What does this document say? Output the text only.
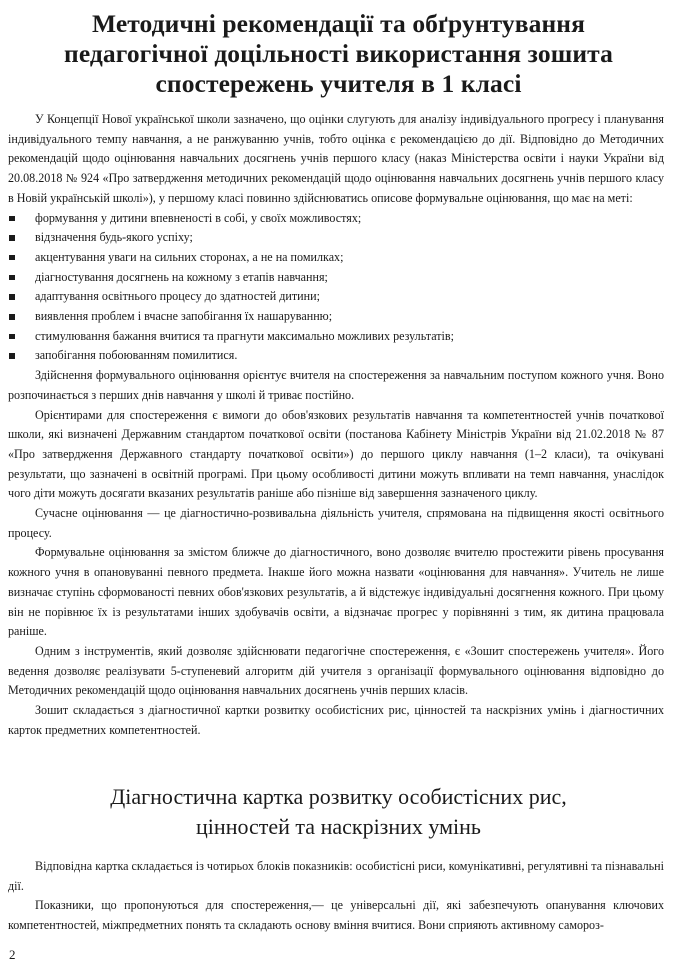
Методичні рекомендації та обґрунтування
педагогічної доцільності використання зошита
спостережень учителя в 1 класі

У Концепції Нової української школи зазначено, що оцінки слугують для аналізу індивідуального прогресу і планування індивідуального темпу навчання, а не ранжуванню учнів, тобто оцінка є рекомендацією до дії. Відповідно до Методичних рекомендацій щодо оцінювання навчальних досягнень учнів першого класу (наказ Міністерства освіти і науки України від 20.08.2018 № 924 «Про затвердження методичних рекомендацій щодо оцінювання навчальних досягнень учнів першого класу в Новій українській школі»), у першому класі повинно здійснюватись описове формувальне оцінювання, що має на меті:

формування у дитини впевненості в собі, у своїх можливостях;
відзначення будь-якого успіху;
акцентування уваги на сильних сторонах, а не на помилках;
діагностування досягнень на кожному з етапів навчання;
адаптування освітнього процесу до здатностей дитини;
виявлення проблем і вчасне запобігання їх нашаруванню;
стимулювання бажання вчитися та прагнути максимально можливих результатів;
запобігання побоюванням помилитися.

Здійснення формувального оцінювання орієнтує вчителя на спостереження за навчальним поступом кожного учня. Воно розпочинається з перших днів навчання у школі й триває постійно.

Орієнтирами для спостереження є вимоги до обов'язкових результатів навчання та компетентностей учнів початкової школи, які визначені Державним стандартом початкової освіти (постанова Кабінету Міністрів України від 21.02.2018 № 87 «Про затвердження Державного стандарту початкової освіти») до першого циклу навчання (1–2 класи), та очікувані результати, що зазначені в освітній програмі. При цьому особливості дитини можуть впливати на темп навчання, унаслідок чого діти можуть досягати вказаних результатів раніше або пізніше від завершення зазначеного циклу.

Сучасне оцінювання — це діагностично-розвивальна діяльність учителя, спрямована на підвищення якості освітнього процесу.

Формувальне оцінювання за змістом ближче до діагностичного, воно дозволяє вчителю простежити рівень просування кожного учня в опановуванні певного предмета. Інакше його можна назвати «оцінювання для навчання». Учитель не лише визначає ступінь сформованості певних обов'язкових результатів, а й відстежує індивідуальні досягнення кожного. При цьому він не порівнює їх із результатами інших здобувачів освіти, а відзначає прогрес у порівнянні з тим, як дитина працювала раніше.

Одним з інструментів, який дозволяє здійснювати педагогічне спостереження, є «Зошит спостережень учителя». Його ведення дозволяє реалізувати 5-ступеневий алгоритм дій учителя з організації формувального оцінювання відповідно до Методичних рекомендацій щодо оцінювання навчальних досягнень учнів перших класів.

Зошит складається з діагностичної картки розвитку особистісних рис, цінностей та наскрізних умінь і діагностичних карток предметних компетентностей.

Діагностична картка розвитку особистісних рис,
цінностей та наскрізних умінь

Відповідна картка складається із чотирьох блоків показників: особистісні риси, комунікативні, регулятивні та пізнавальні дії.

Показники, що пропонуються для спостереження,— це універсальні дії, які забезпечують опанування ключових компетентностей, міжпредметних понять та складають основу вміння вчитися. Вони сприяють активному самороз-

2
